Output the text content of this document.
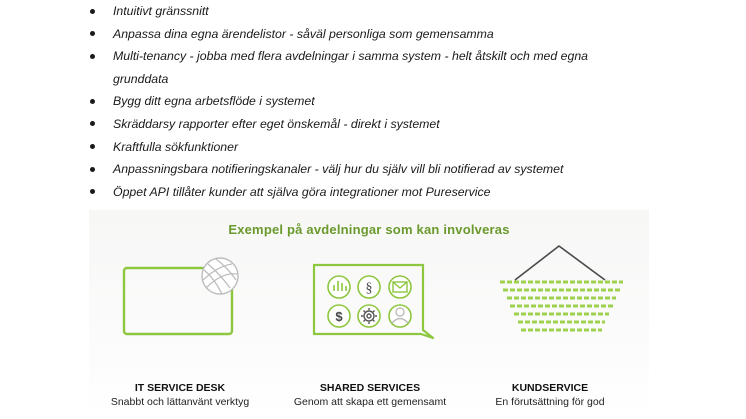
Intuitivt gränssnitt
Anpassa dina egna ärendelistor - såväl personliga som gemensamma
Multi-tenancy - jobba med flera avdelningar i samma system - helt åtskilt och med egna grunddata
Bygg ditt egna arbetsflöde i systemet
Skräddarsy rapporter efter eget önskemål - direkt i systemet
Kraftfulla sökfunktioner
Anpassningsbara notifieringskanaler - välj hur du själv vill bli notifierad av systemet
Öppet API tillåter kunder att själva göra integrationer mot Pureservice
Exempel på avdelningar som kan involveras
§
$
IT SERVICE DESK
Snabbt och lättanvänt verktyg
SHARED SERVICES
Genom att skapa ett gemensamt
KUNDSERVICE
En förutsättning för god
